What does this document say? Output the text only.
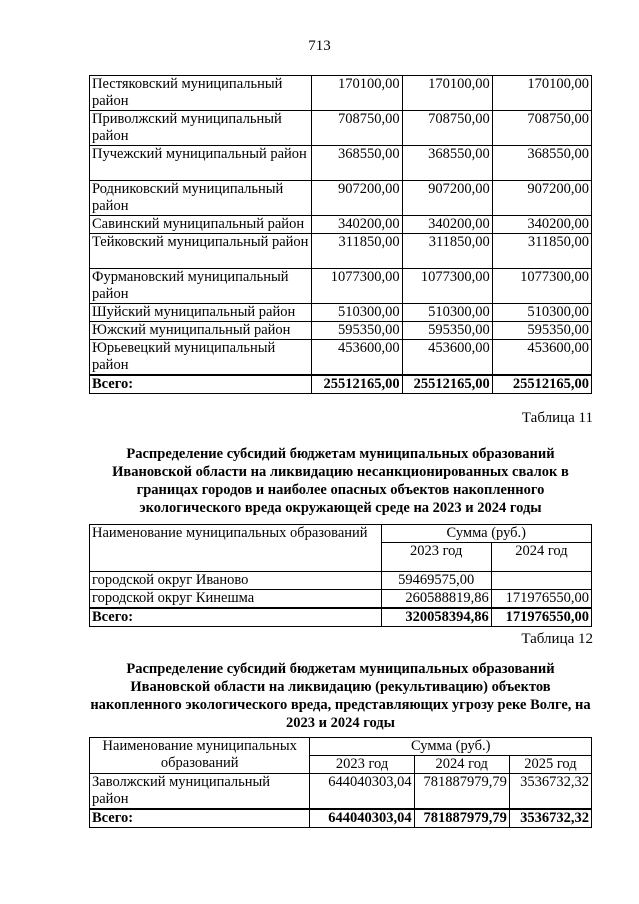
713
Пестяковский муниципальный район	170100,00	170100,00	170100,00
Приволжский муниципальный район	708750,00	708750,00	708750,00
Пучежский муниципальный район	368550,00	368550,00	368550,00
Родниковский муниципальный район	907200,00	907200,00	907200,00
Савинский муниципальный район	340200,00	340200,00	340200,00
Тейковский муниципальный район	311850,00	311850,00	311850,00
Фурмановский муниципальный район	1077300,00	1077300,00	1077300,00
Шуйский муниципальный район	510300,00	510300,00	510300,00
Южский муниципальный район	595350,00	595350,00	595350,00
Юрьевецкий муниципальный район	453600,00	453600,00	453600,00
Всего:	25512165,00	25512165,00	25512165,00
Таблица 11
Распределение субсидий бюджетам муниципальных образований Ивановской области на ликвидацию несанкционированных свалок в границах городов и наиболее опасных объектов накопленного экологического вреда окружающей среде на 2023 и 2024 годы
Наименование муниципальных образований	Сумма (руб.)	
	2023 год	2024 год
городской округ Иваново	59469575,00	
городской округ Кинешма	260588819,86	171976550,00
Всего:	320058394,86	171976550,00
Таблица 12
Распределение субсидий бюджетам муниципальных образований Ивановской области на ликвидацию (рекультивацию) объектов накопленного экологического вреда, представляющих угрозу реке Волге, на 2023 и 2024 годы
Наименование муниципальных образований	Сумма (руб.)		
	2023 год	2024 год	2025 год
Заволжский муниципальный район	644040303,04	781887979,79	3536732,32
Всего:	644040303,04	781887979,79	3536732,32
